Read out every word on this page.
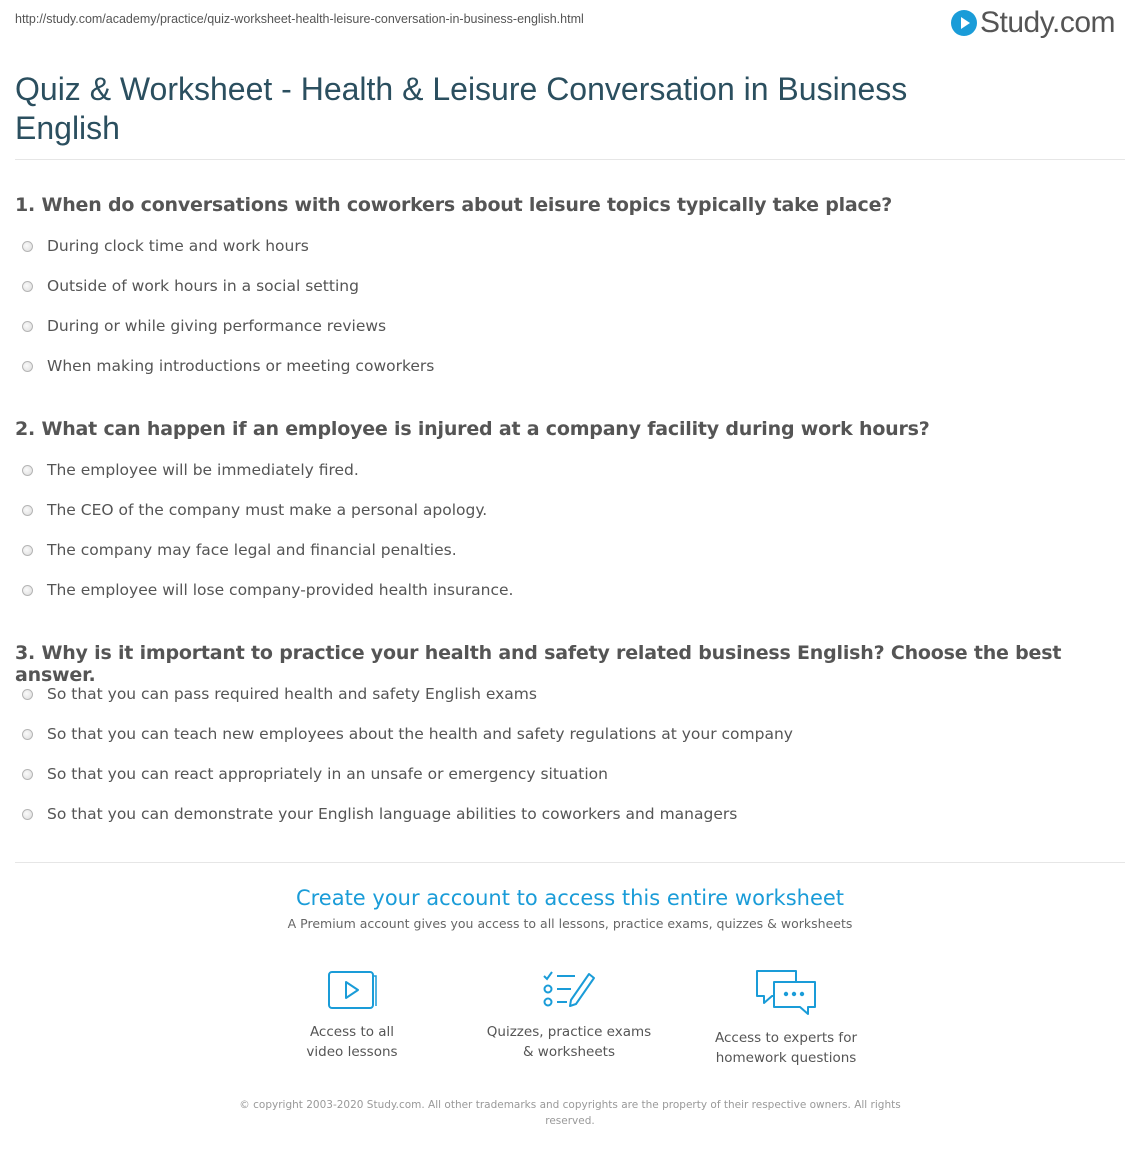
http://study.com/academy/practice/quiz-worksheet-health-leisure-conversation-in-business-english.html	Study.com
Quiz & Worksheet - Health & Leisure Conversation in Business English
1. When do conversations with coworkers about leisure topics typically take place?
During clock time and work hours
Outside of work hours in a social setting
During or while giving performance reviews
When making introductions or meeting coworkers
2. What can happen if an employee is injured at a company facility during work hours?
The employee will be immediately fired.
The CEO of the company must make a personal apology.
The company may face legal and financial penalties.
The employee will lose company-provided health insurance.
3. Why is it important to practice your health and safety related business English? Choose the best answer.
So that you can pass required health and safety English exams
So that you can teach new employees about the health and safety regulations at your company
So that you can react appropriately in an unsafe or emergency situation
So that you can demonstrate your English language abilities to coworkers and managers
Create your account to access this entire worksheet
A Premium account gives you access to all lessons, practice exams, quizzes & worksheets
Access to all
video lessons
Quizzes, practice exams
& worksheets
Access to experts for
homework questions
© copyright 2003-2020 Study.com. All other trademarks and copyrights are the property of their respective owners. All rights
reserved.
